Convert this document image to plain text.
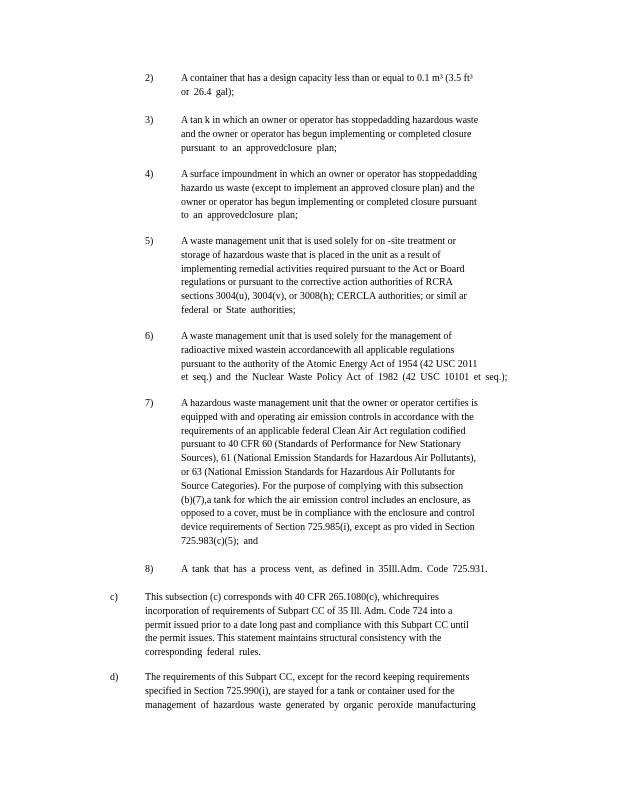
2)	A container that has a design capacity less than or equal to 0.1 m³ (3.5 ft³
or 26.4 gal);
3)	A tan k in which an owner or operator has stoppedadding hazardous waste
and the owner or operator has begun implementing or completed closure
pursuant to an approvedclosure plan;
4)	A surface impoundment in which an owner or operator has stoppedadding
hazardo us waste (except to implement an approved closure plan) and the
owner or operator has begun implementing or completed closure pursuant
to an approvedclosure plan;
5)	A waste management unit that is used solely for on -site treatment or
storage of hazardous waste that is placed in the unit as a result of
implementing remedial activities required pursuant to the Act or Board
regulations or pursuant to the corrective action authorities of RCRA
sections 3004(u), 3004(v), or 3008(h); CERCLA authorities; or simil ar
federal or State authorities;
6)	A waste management unit that is used solely for the management of
radioactive mixed wastein accordancewith all applicable regulations
pursuant to the authority of the Atomic Energy Act of 1954 (42 USC 2011
et seq.) and the Nuclear Waste Policy Act of 1982 (42 USC 10101 et seq.);
7)	A hazardous waste management unit that the owner or operator certifies is
equipped with and operating air emission controls in accordance with the
requirements of an applicable federal Clean Air Act regulation codified
pursuant to 40 CFR 60 (Standards of Performance for New Stationary
Sources), 61 (National Emission Standards for Hazardous Air Pollutants),
or 63 (National Emission Standards for Hazardous Air Pollutants for
Source Categories). For the purpose of complying with this subsection
(b)(7),a tank for which the air emission control includes an enclosure, as
opposed to a cover, must be in compliance with the enclosure and control
device requirements of Section 725.985(i), except as pro vided in Section
725.983(c)(5); and
8)	A tank that has a process vent, as defined in 35Ill.Adm. Code 725.931.
c)	This subsection (c) corresponds with 40 CFR 265.1080(c), whichrequires
incorporation of requirements of Subpart CC of 35 Ill. Adm. Code 724 into a
permit issued prior to a date long past and compliance with this Subpart CC until
the permit issues. This statement maintains structural consistency with the
corresponding federal rules.
d)	The requirements of this Subpart CC, except for the record keeping requirements
specified in Section 725.990(i), are stayed for a tank or container used for the
management of hazardous waste generated by organic peroxide manufacturing
